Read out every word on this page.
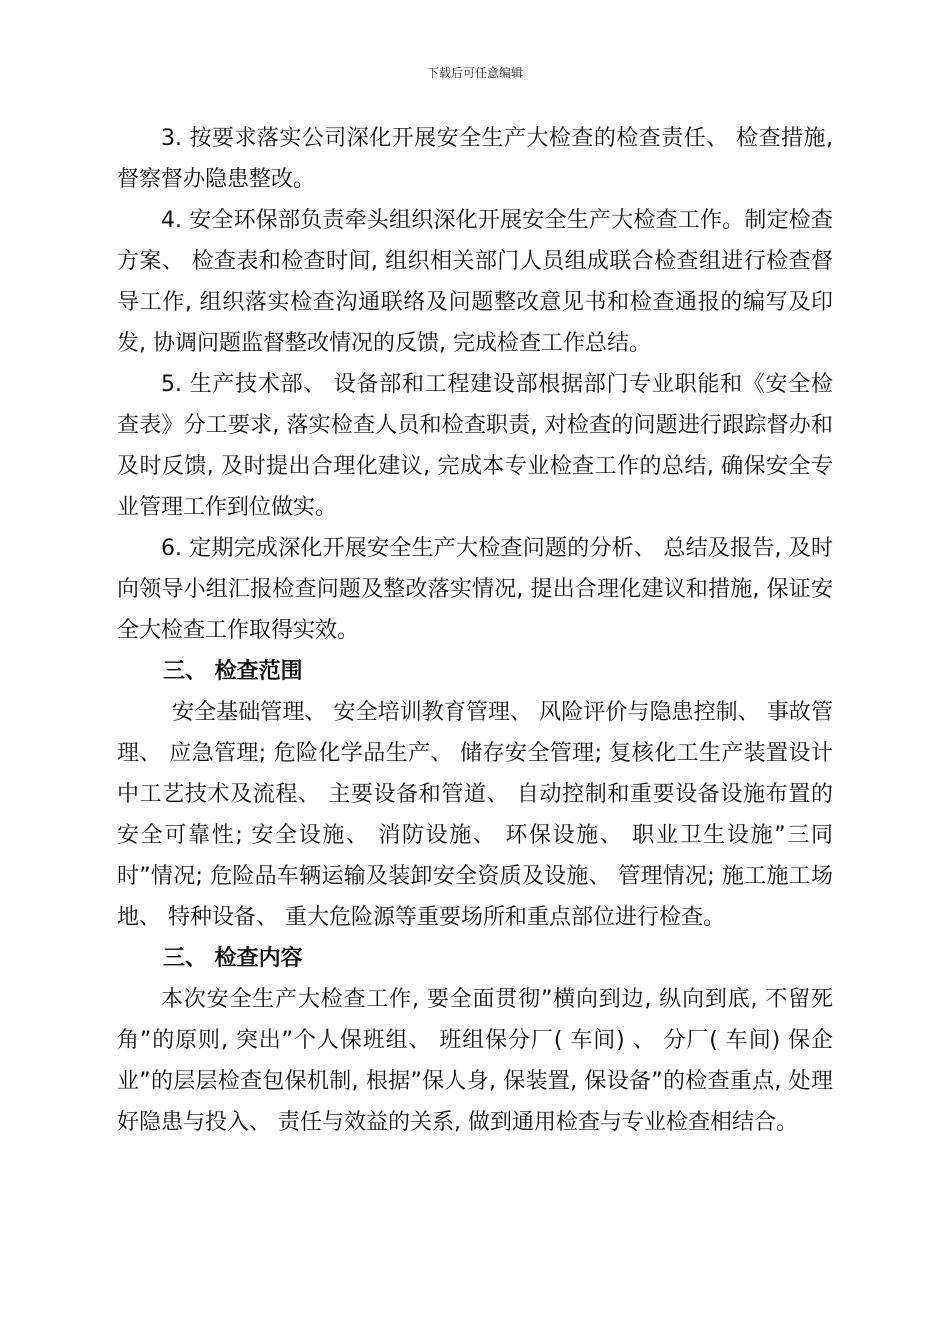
下载后可任意编辑

3. 按要求落实公司深化开展安全生产大检查的检查责任、 检查措施, 督察督办隐患整改。

4. 安全环保部负责牵头组织深化开展安全生产大检查工作。制定检查方案、 检查表和检查时间, 组织相关部门人员组成联合检查组进行检查督导工作, 组织落实检查沟通联络及问题整改意见书和检查通报的编写及印发, 协调问题监督整改情况的反馈, 完成检查工作总结。

5. 生产技术部、 设备部和工程建设部根据部门专业职能和《安全检查表》分工要求, 落实检查人员和检查职责, 对检查的问题进行跟踪督办和及时反馈, 及时提出合理化建议, 完成本专业检查工作的总结, 确保安全专业管理工作到位做实。

6. 定期完成深化开展安全生产大检查问题的分析、 总结及报告, 及时向领导小组汇报检查问题及整改落实情况, 提出合理化建议和措施, 保证安全大检查工作取得实效。

三、 检查范围

安全基础管理、 安全培训教育管理、 风险评价与隐患控制、 事故管理、 应急管理; 危险化学品生产、 储存安全管理; 复核化工生产装置设计中工艺技术及流程、 主要设备和管道、 自动控制和重要设备设施布置的安全可靠性; 安全设施、 消防设施、 环保设施、 职业卫生设施”三同时”情况; 危险品车辆运输及装卸安全资质及设施、 管理情况; 施工施工场地、 特种设备、 重大危险源等重要场所和重点部位进行检查。

三、 检查内容

本次安全生产大检查工作, 要全面贯彻”横向到边, 纵向到底, 不留死角”的原则, 突出”个人保班组、 班组保分厂( 车间) 、 分厂( 车间) 保企业”的层层检查包保机制, 根据”保人身, 保装置, 保设备”的检查重点, 处理好隐患与投入、 责任与效益的关系, 做到通用检查与专业检查相结合。
